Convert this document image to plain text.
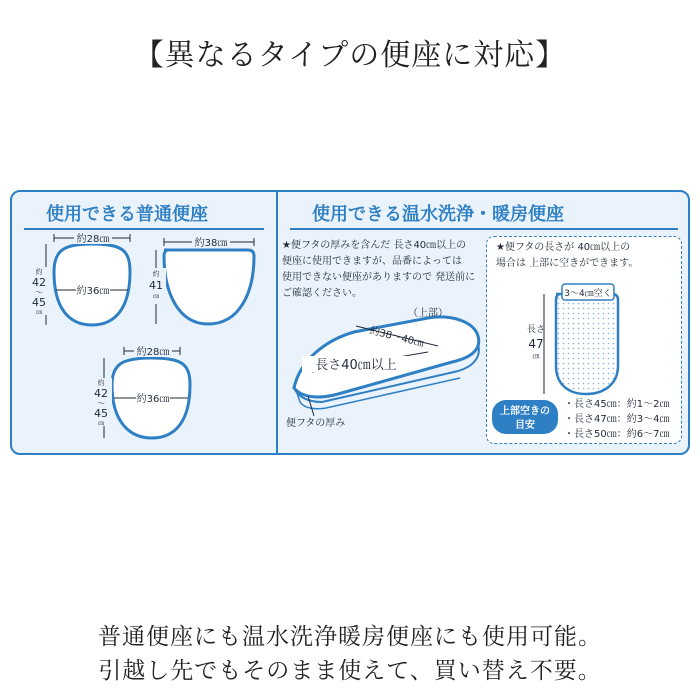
【異なるタイプの便座に対応】
使用できる普通便座
約28㎝
約36㎝
約
42
〜
45
㎝
約38㎝
約
41
㎝
約28㎝
約36㎝
約
42
〜
45
㎝
使用できる温水洗浄・暖房便座
★便フタの厚みを含んだ 長さ40㎝以上の
便座に使用できますが、品番によっては
使用できない便座がありますので 発送前に
ご確認ください。
約38〜40㎝
（上部）
長さ40㎝以上
便フタの厚み
★便フタの長さが 40㎝以上の
場合は 上部に空きができます。
3〜4㎝空く
長さ
47
㎝
上部空きの
目安
・長さ45㎝：約1〜2㎝
・長さ47㎝：約3〜4㎝
・長さ50㎝：約6〜7㎝
普通便座にも温水洗浄暖房便座にも使用可能。
引越し先でもそのまま使えて、買い替え不要。
